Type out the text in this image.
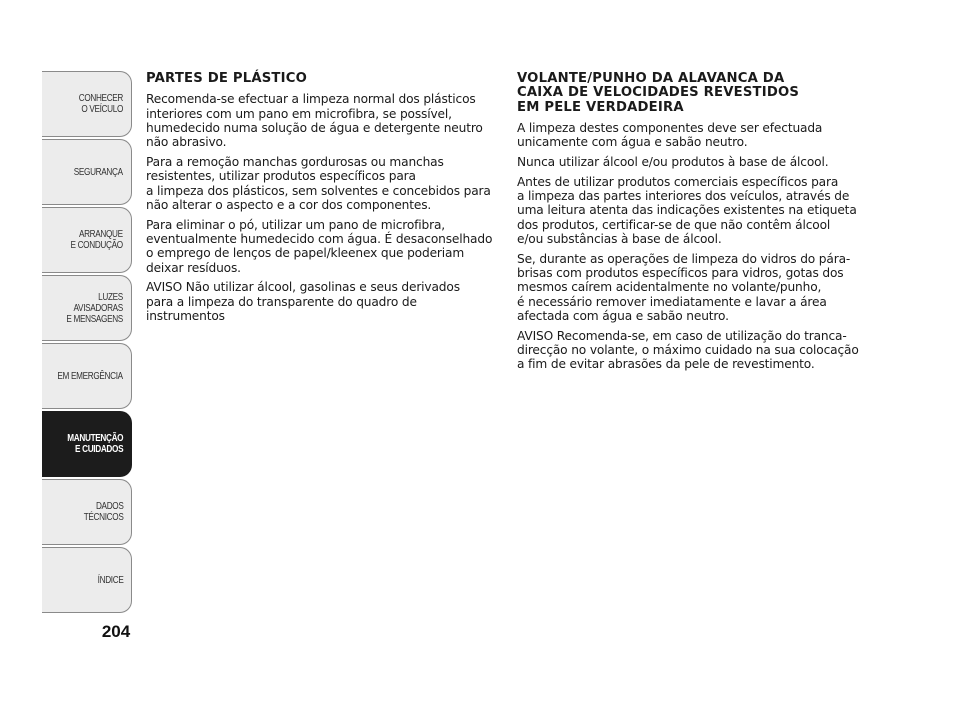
CONHECER
O VEÍCULO
SEGURANÇA
ARRANQUE
E CONDUÇÃO
LUZES
AVISADORAS
E MENSAGENS
EM EMERGÊNCIA
MANUTENÇÃO
E CUIDADOS
DADOS
TÉCNICOS
ÍNDICE
204
PARTES DE PLÁSTICO

Recomenda-se efectuar a limpeza normal dos plásticos
interiores com um pano em microfibra, se possível,
humedecido numa solução de água e detergente neutro
não abrasivo.

Para a remoção manchas gordurosas ou manchas
resistentes, utilizar produtos específicos para
a limpeza dos plásticos, sem solventes e concebidos para
não alterar o aspecto e a cor dos componentes.

Para eliminar o pó, utilizar um pano de microfibra,
eventualmente humedecido com água. É desaconselhado
o emprego de lenços de papel/kleenex que poderiam
deixar resíduos.

AVISO Não utilizar álcool, gasolinas e seus derivados
para a limpeza do transparente do quadro de
instrumentos

VOLANTE/PUNHO DA ALAVANCA DA
CAIXA DE VELOCIDADES REVESTIDOS
EM PELE VERDADEIRA

A limpeza destes componentes deve ser efectuada
unicamente com água e sabão neutro.

Nunca utilizar álcool e/ou produtos à base de álcool.

Antes de utilizar produtos comerciais específicos para
a limpeza das partes interiores dos veículos, através de
uma leitura atenta das indicações existentes na etiqueta
dos produtos, certificar-se de que não contêm álcool
e/ou substâncias à base de álcool.

Se, durante as operações de limpeza do vidros do pára-
brisas com produtos específicos para vidros, gotas dos
mesmos caírem acidentalmente no volante/punho,
é necessário remover imediatamente e lavar a área
afectada com água e sabão neutro.

AVISO Recomenda-se, em caso de utilização do tranca-
direcção no volante, o máximo cuidado na sua colocação
a fim de evitar abrasões da pele de revestimento.
